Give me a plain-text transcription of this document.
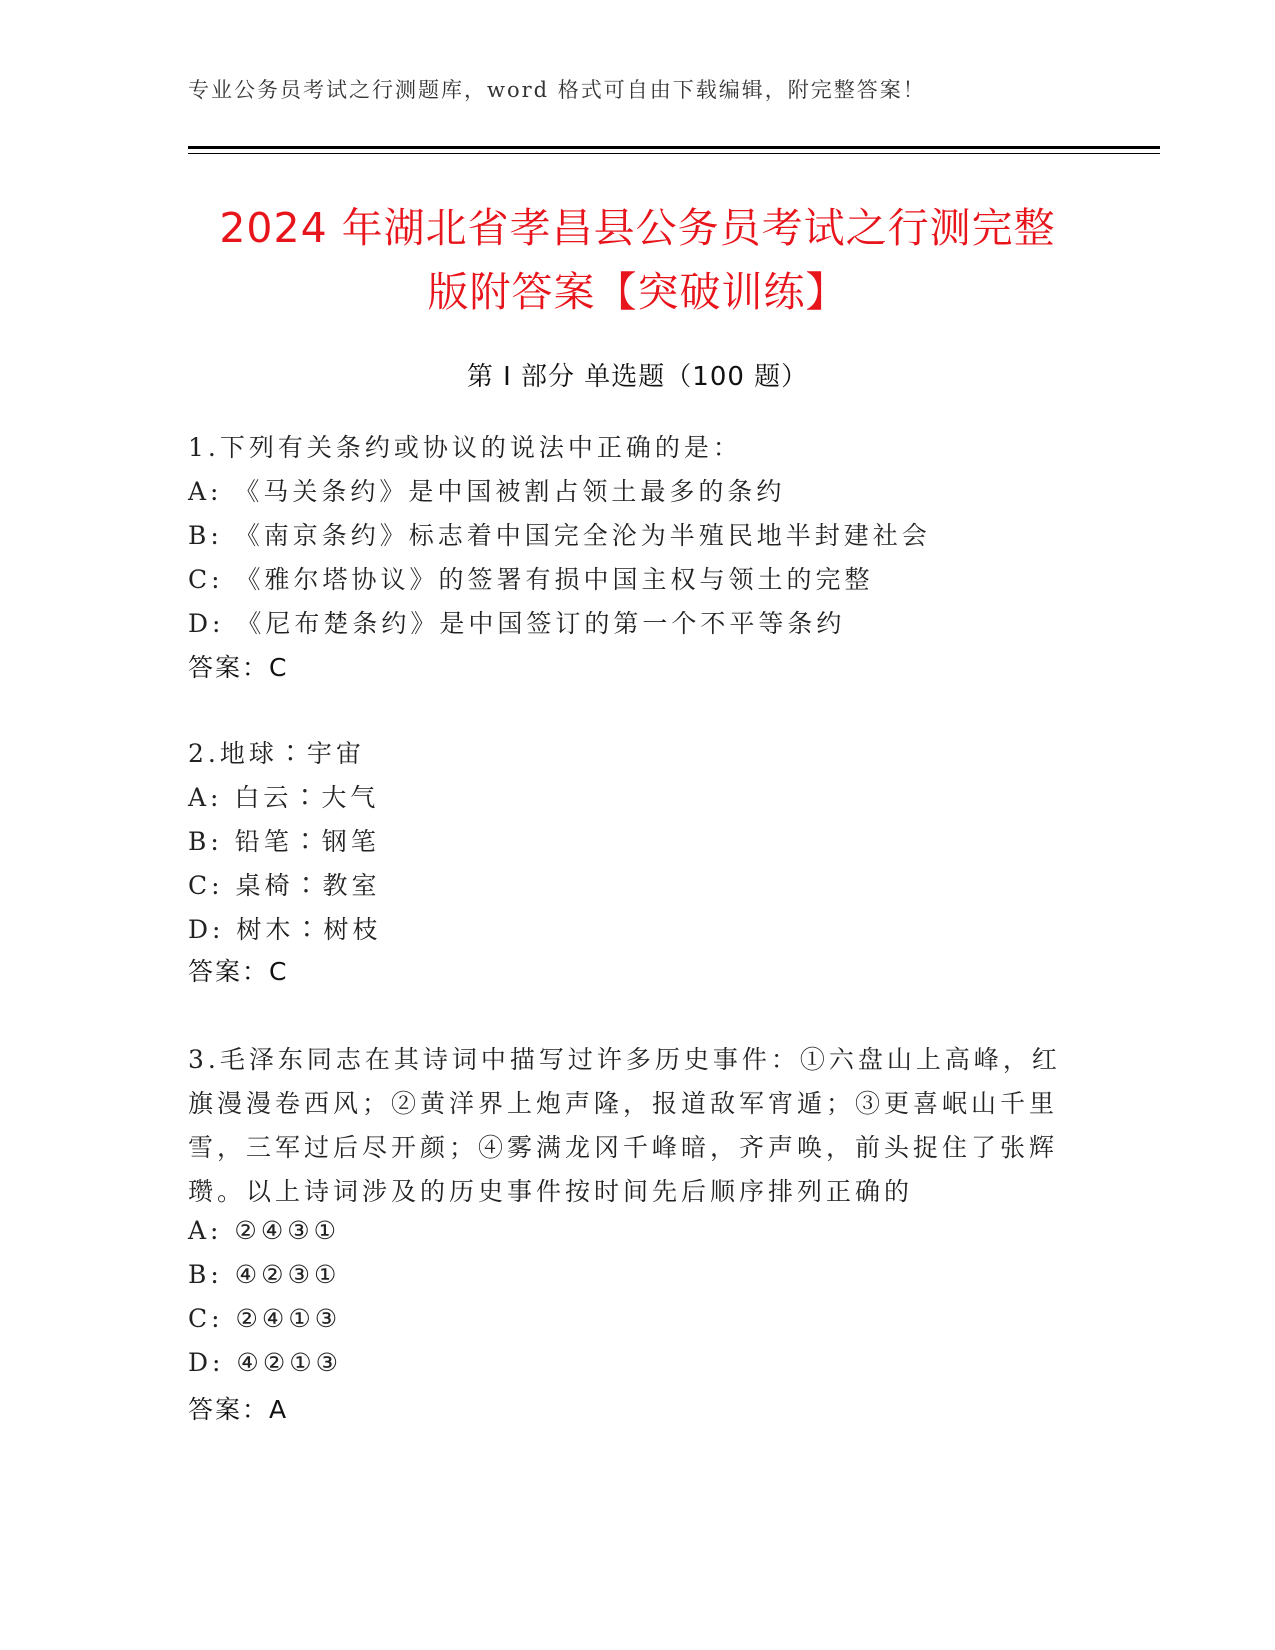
专业公务员考试之行测题库，word 格式可自由下载编辑，附完整答案！
2024 年湖北省孝昌县公务员考试之行测完整
版附答案【突破训练】
第 I 部分 单选题（100 题）
1.下列有关条约或协议的说法中正确的是：
A: 《马关条约》是中国被割占领土最多的条约
B: 《南京条约》标志着中国完全沦为半殖民地半封建社会
C: 《雅尔塔协议》的签署有损中国主权与领土的完整
D: 《尼布楚条约》是中国签订的第一个不平等条约
答案：C
2.地球∶宇宙
A: 白云∶大气
B: 铅笔∶钢笔
C: 桌椅∶教室
D: 树木∶树枝
答案：C
3.毛泽东同志在其诗词中描写过许多历史事件：①六盘山上高峰，红
旗漫漫卷西风；②黄洋界上炮声隆，报道敌军宵遁；③更喜岷山千里
雪，三军过后尽开颜；④雾满龙冈千峰暗，齐声唤，前头捉住了张辉
瓒。以上诗词涉及的历史事件按时间先后顺序排列正确的
A: ②④③①
B: ④②③①
C: ②④①③
D: ④②①③
答案：A
